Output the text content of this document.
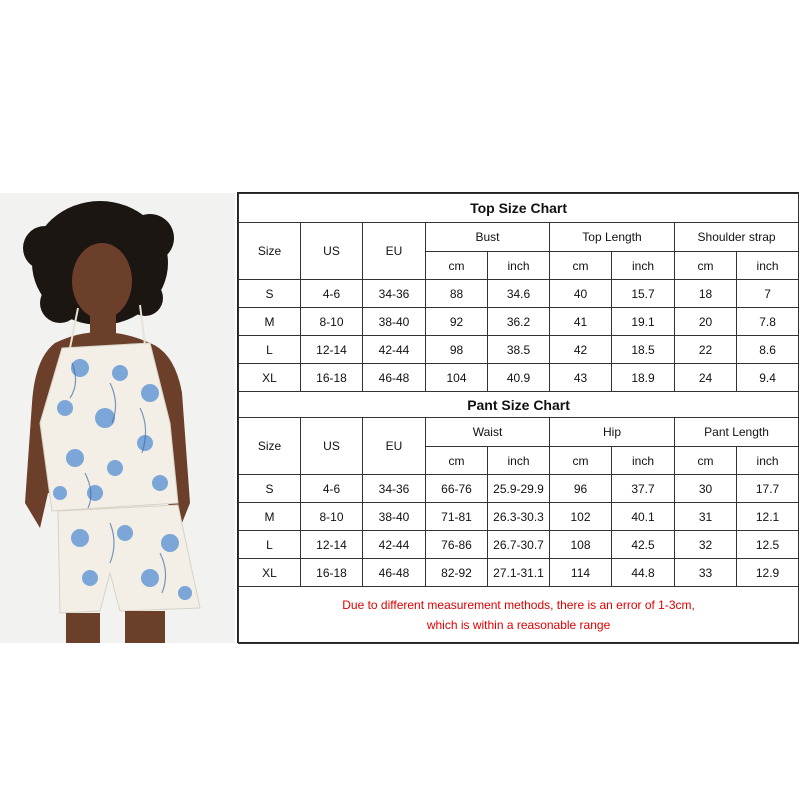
Top Size Chart								
Size	US	EU	Bust		Top Length		Shoulder strap	
			cm	inch	cm	inch	cm	inch
S	4-6	34-36	88	34.6	40	15.7	18	7
M	8-10	38-40	92	36.2	41	19.1	20	7.8
L	12-14	42-44	98	38.5	42	18.5	22	8.6
XL	16-18	46-48	104	40.9	43	18.9	24	9.4
Pant Size Chart								
Size	US	EU	Waist		Hip		Pant Length	
			cm	inch	cm	inch	cm	inch
S	4-6	34-36	66-76	25.9-29.9	96	37.7	30	17.7
M	8-10	38-40	71-81	26.3-30.3	102	40.1	31	12.1
L	12-14	42-44	76-86	26.7-30.7	108	42.5	32	12.5
XL	16-18	46-48	82-92	27.1-31.1	114	44.8	33	12.9

Due to different measurement methods, there is an error of 1-3cm,
which is within a reasonable range								
